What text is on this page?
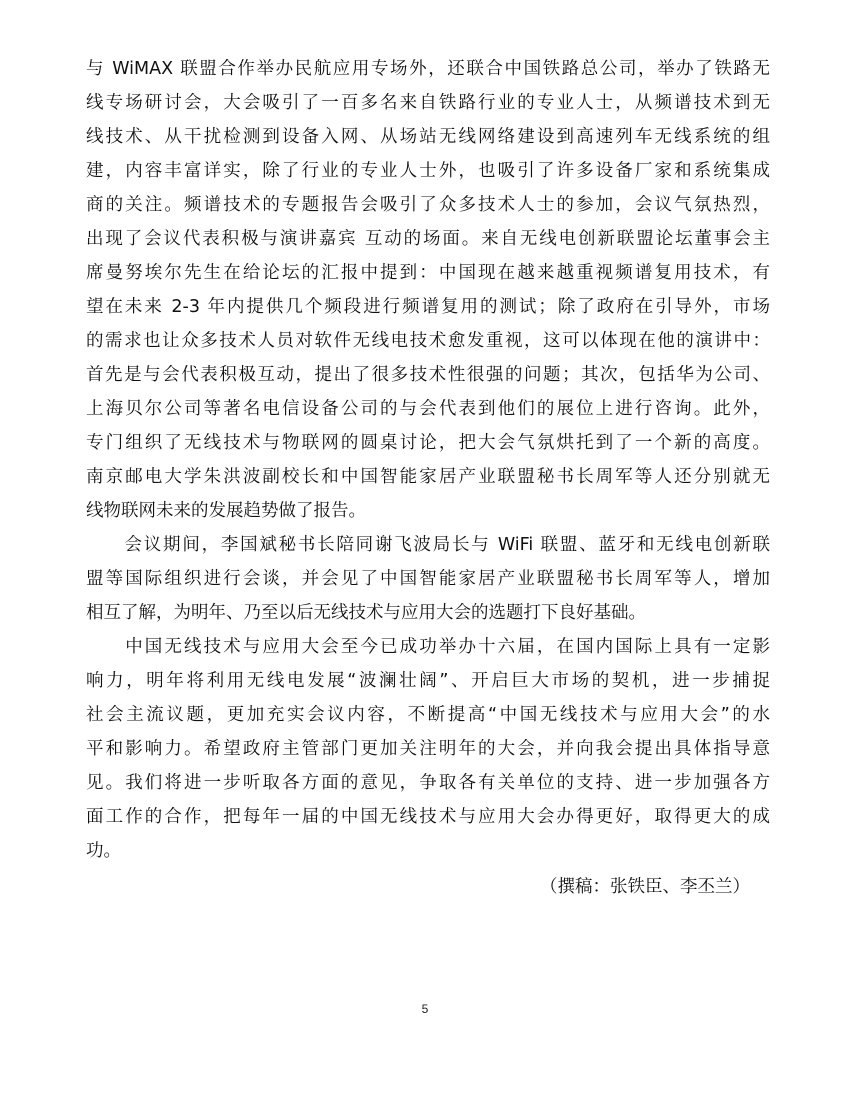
与 WiMAX 联盟合作举办民航应用专场外，还联合中国铁路总公司，举办了铁路无
线专场研讨会，大会吸引了一百多名来自铁路行业的专业人士，从频谱技术到无
线技术、从干扰检测到设备入网、从场站无线网络建设到高速列车无线系统的组
建，内容丰富详实，除了行业的专业人士外，也吸引了许多设备厂家和系统集成
商的关注。频谱技术的专题报告会吸引了众多技术人士的参加，会议气氛热烈，
出现了会议代表积极与演讲嘉宾 互动的场面。来自无线电创新联盟论坛董事会主
席曼努埃尔先生在给论坛的汇报中提到：中国现在越来越重视频谱复用技术，有
望在未来 2-3 年内提供几个频段进行频谱复用的测试；除了政府在引导外，市场
的需求也让众多技术人员对软件无线电技术愈发重视，这可以体现在他的演讲中：
首先是与会代表积极互动，提出了很多技术性很强的问题；其次，包括华为公司、
上海贝尔公司等著名电信设备公司的与会代表到他们的展位上进行咨询。此外，
专门组织了无线技术与物联网的圆桌讨论，把大会气氛烘托到了一个新的高度。
南京邮电大学朱洪波副校长和中国智能家居产业联盟秘书长周军等人还分别就无
线物联网未来的发展趋势做了报告。
　　会议期间，李国斌秘书长陪同谢飞波局长与 WiFi 联盟、蓝牙和无线电创新联
盟等国际组织进行会谈，并会见了中国智能家居产业联盟秘书长周军等人，增加
相互了解，为明年、乃至以后无线技术与应用大会的选题打下良好基础。
　　中国无线技术与应用大会至今已成功举办十六届，在国内国际上具有一定影
响力，明年将利用无线电发展“波澜壮阔”、开启巨大市场的契机，进一步捕捉
社会主流议题，更加充实会议内容，不断提高“中国无线技术与应用大会”的水
平和影响力。希望政府主管部门更加关注明年的大会，并向我会提出具体指导意
见。我们将进一步听取各方面的意见，争取各有关单位的支持、进一步加强各方
面工作的合作，把每年一届的中国无线技术与应用大会办得更好，取得更大的成
功。
（撰稿：张铁臣、李丕兰）
5
